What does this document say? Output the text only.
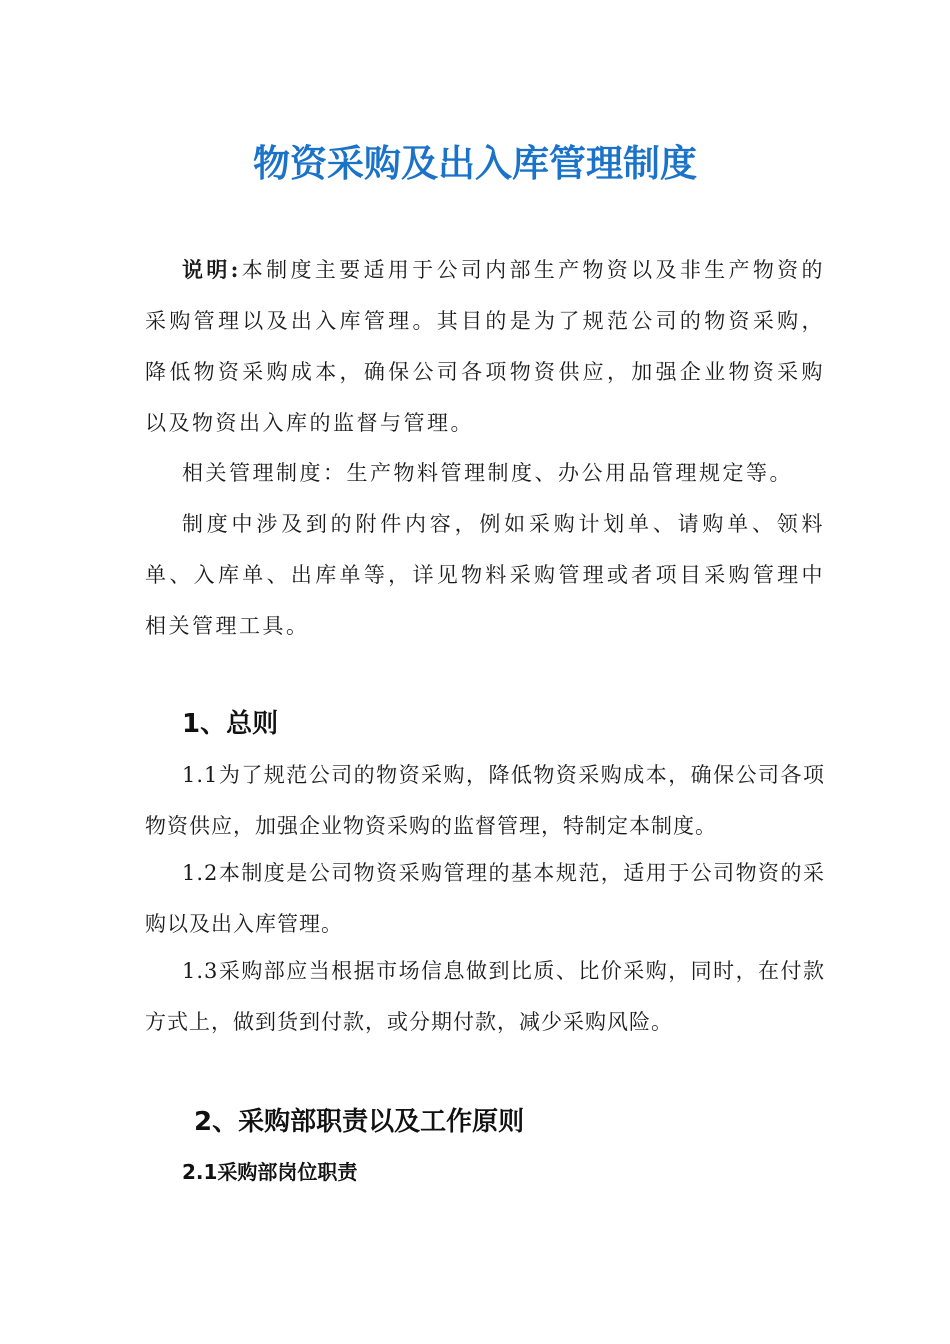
物资采购及出入库管理制度
说明:本制度主要适用于公司内部生产物资以及非生产物资的采购管理以及出入库管理。其目的是为了规范公司的物资采购，降低物资采购成本，确保公司各项物资供应，加强企业物资采购以及物资出入库的监督与管理。
相关管理制度：生产物料管理制度、办公用品管理规定等。
制度中涉及到的附件内容，例如采购计划单、请购单、领料单、入库单、出库单等，详见物料采购管理或者项目采购管理中相关管理工具。
1、总则
1.1为了规范公司的物资采购，降低物资采购成本，确保公司各项物资供应，加强企业物资采购的监督管理，特制定本制度。
1.2本制度是公司物资采购管理的基本规范，适用于公司物资的采购以及出入库管理。
1.3采购部应当根据市场信息做到比质、比价采购，同时，在付款方式上，做到货到付款，或分期付款，减少采购风险。
2、采购部职责以及工作原则
2.1采购部岗位职责
